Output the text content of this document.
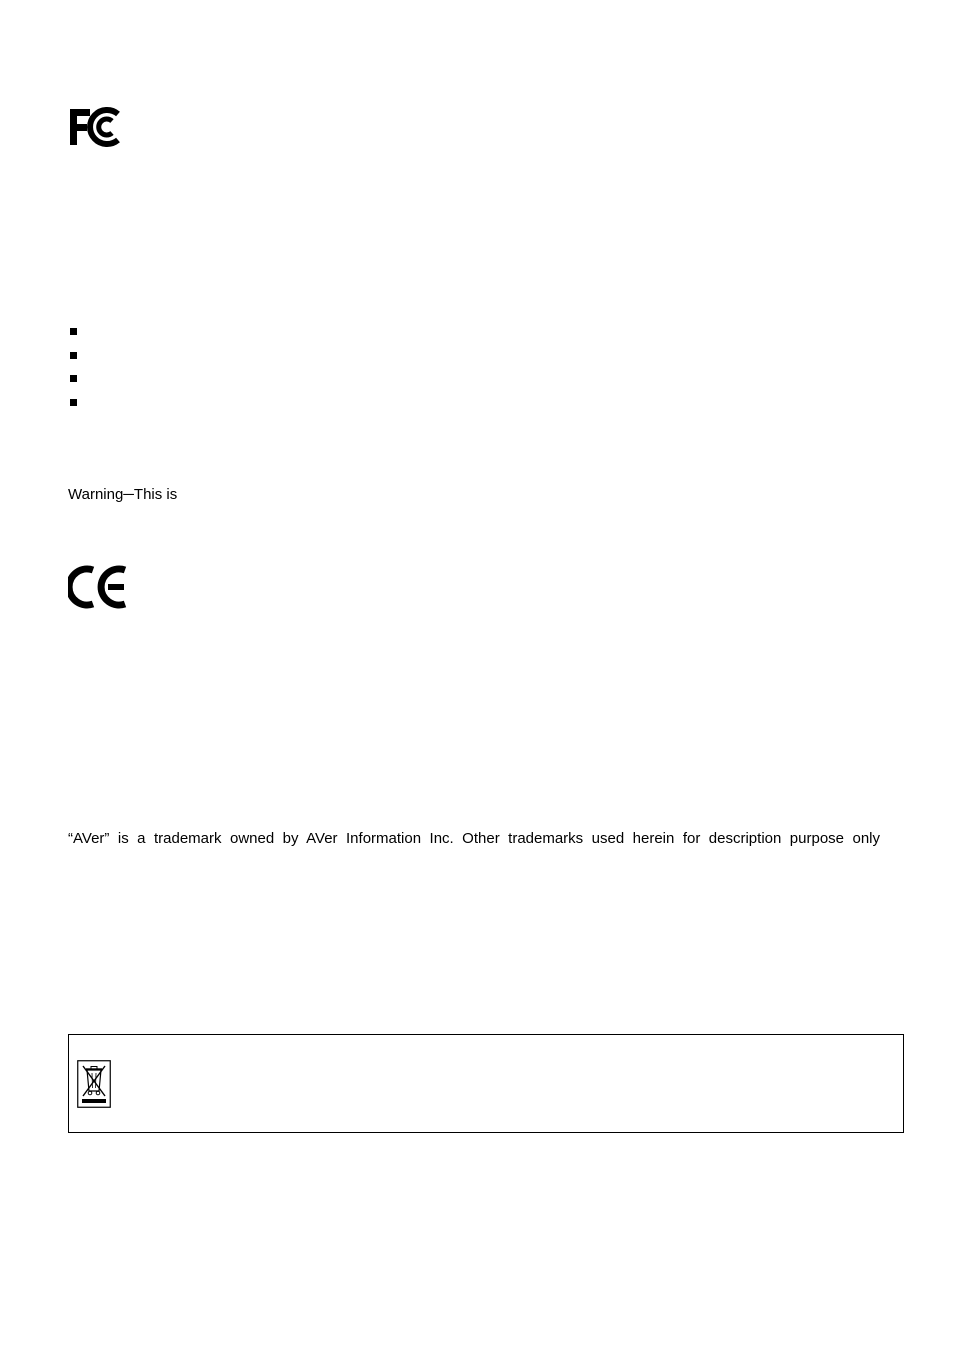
Warning─This is
“AVer” is a trademark owned by AVer Information Inc. Other trademarks used herein for description purpose only
